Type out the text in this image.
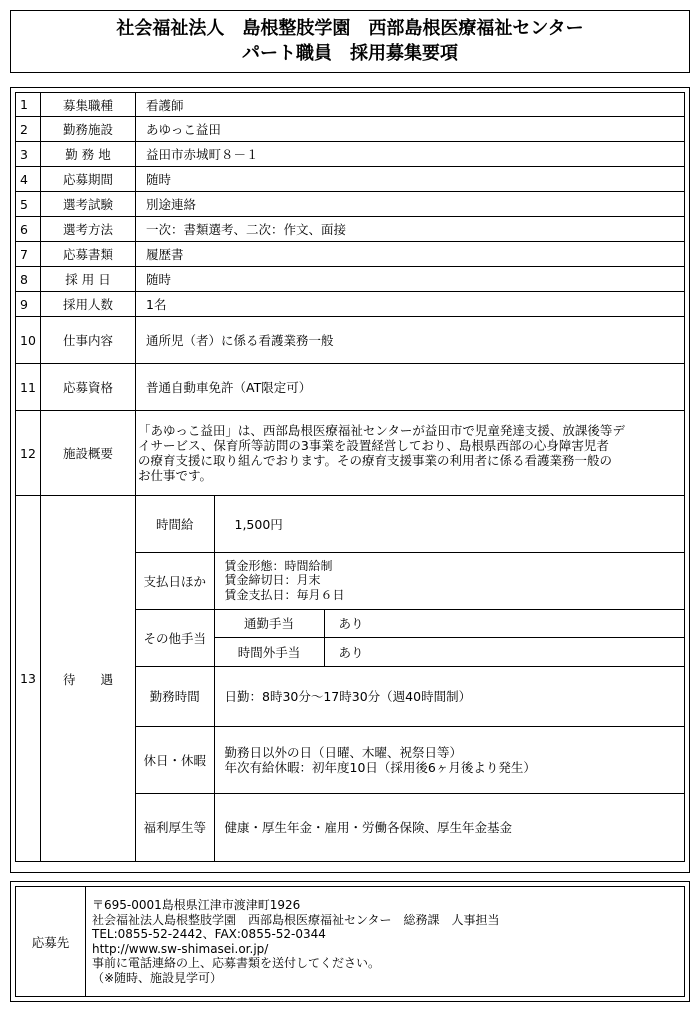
社会福祉法人　島根整肢学園　西部島根医療福祉センター
パート職員　採用募集要項
1	募集職種	看護師
2	勤務施設	あゆっこ益田
3	勤 務 地	益田市赤城町８－１
4	応募期間	随時
5	選考試験	別途連絡
6	選考方法	一次：書類選考、二次：作文、面接
7	応募書類	履歴書
8	採 用 日	随時
9	採用人数	1名
10	仕事内容	通所児（者）に係る看護業務一般
11	応募資格	普通自動車免許（AT限定可）
12	施設概要	
「あゆっこ益田」は、西部島根医療福祉センターが益田市で児童発達支援、放課後等デ
イサービス、保育所等訪問の3事業を設置経営しており、島根県西部の心身障害児者
の療育支援に取り組んでおります。その療育支援事業の利用者に係る看護業務一般の
お仕事です。

13	待　　遇	
時間給	1,500円
支払日ほか	
賃金形態：時間給制
賃金締切日：月末
賃金支払日：毎月６日

その他手当	通勤手当	あり
時間外手当	あり
勤務時間	日勤：8時30分～17時30分（週40時間制）
休日・休暇	
勤務日以外の日（日曜、木曜、祝祭日等）
年次有給休暇：初年度10日（採用後6ヶ月後より発生）

福利厚生等	健康・厚生年金・雇用・労働各保険、厚生年金基金
応募先	
〒695-0001島根県江津市渡津町1926
社会福祉法人島根整肢学園　西部島根医療福祉センター　総務課　人事担当
TEL:0855-52-2442、FAX:0855-52-0344
http://www.sw-shimasei.or.jp/
事前に電話連絡の上、応募書類を送付してください。
（※随時、施設見学可）
